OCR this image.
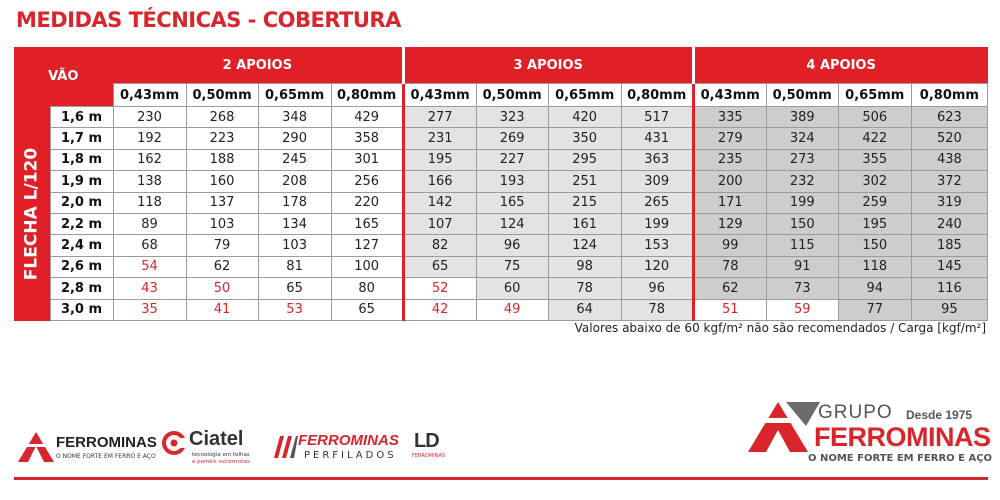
MEDIDAS TÉCNICAS - COBERTURA
VÃO		2 APOIOS				3 APOIOS				4 APOIOS			
		0,43mm	0,50mm	0,65mm	0,80mm	0,43mm	0,50mm	0,65mm	0,80mm	0,43mm	0,50mm	0,65mm	0,80mm

FLECHA L/120	1,6 m	230	268	348	429	277	323	420	517	335	389	506	623
	1,7 m	192	223	290	358	231	269	350	431	279	324	422	520
	1,8 m	162	188	245	301	195	227	295	363	235	273	355	438
	1,9 m	138	160	208	256	166	193	251	309	200	232	302	372
	2,0 m	118	137	178	220	142	165	215	265	171	199	259	319
	2,2 m	89	103	134	165	107	124	161	199	129	150	195	240
	2,4 m	68	79	103	127	82	96	124	153	99	115	150	185
	2,6 m	54	62	81	100	65	75	98	120	78	91	118	145
	2,8 m	43	50	65	80	52	60	78	96	62	73	94	116
	3,0 m	35	41	53	65	42	49	64	78	51	59	77	95

Valores abaixo de 60 kgf/m² não são recomendados / Carga [kgf/m²]

FERROMINAS
O NOME FORTE EM FERRO E AÇO
Ciatel
tecnologia em telhas
e painéis isotérmicos
FERROMINAS
PERFILADOS
LD
FERROMINAS
GRUPO Desde 1975
FERROMINAS
O NOME FORTE EM FERRO E AÇO
